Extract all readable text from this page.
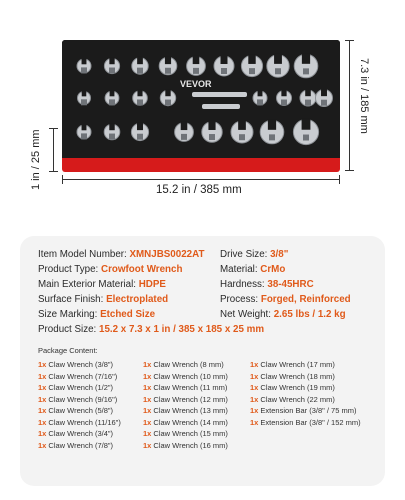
VEVOR	7.3 in / 185 mm
1 in / 25 mm	15.2 in / 385 mm
Item Model Number: XMNJBS0022AT Drive Size: 3/8"
Product Type: Crowfoot Wrench	Material: CrMo
Main Exterior Material: HDPE	Hardness: 38-45HRC
Surface Finish: Electroplated	Process: Forged, Reinforced
Size Marking: Etched Size	Net Weight: 2.65 lbs / 1.2 kg
Product Size: 15.2 x 7.3 x 1 in / 385 x 185 x 25 mm
Package Content:
1x Claw Wrench (3/8")
1x Claw Wrench (7/16")
1x Claw Wrench (1/2")
1x Claw Wrench (9/16")
1x Claw Wrench (5/8")
1x Claw Wrench (11/16")
1x Claw Wrench (3/4")
1x Claw Wrench (7/8")
1x Claw Wrench (8 mm)
1x Claw Wrench (10 mm)
1x Claw Wrench (11 mm)
1x Claw Wrench (12 mm)
1x Claw Wrench (13 mm)
1x Claw Wrench (14 mm)
1x Claw Wrench (15 mm)
1x Claw Wrench (16 mm)
1x Claw Wrench (17 mm)
1x Claw Wrench (18 mm)
1x Claw Wrench (19 mm)
1x Claw Wrench (22 mm)
1x Extension Bar (3/8" / 75 mm)
1x Extension Bar (3/8" / 152 mm)
